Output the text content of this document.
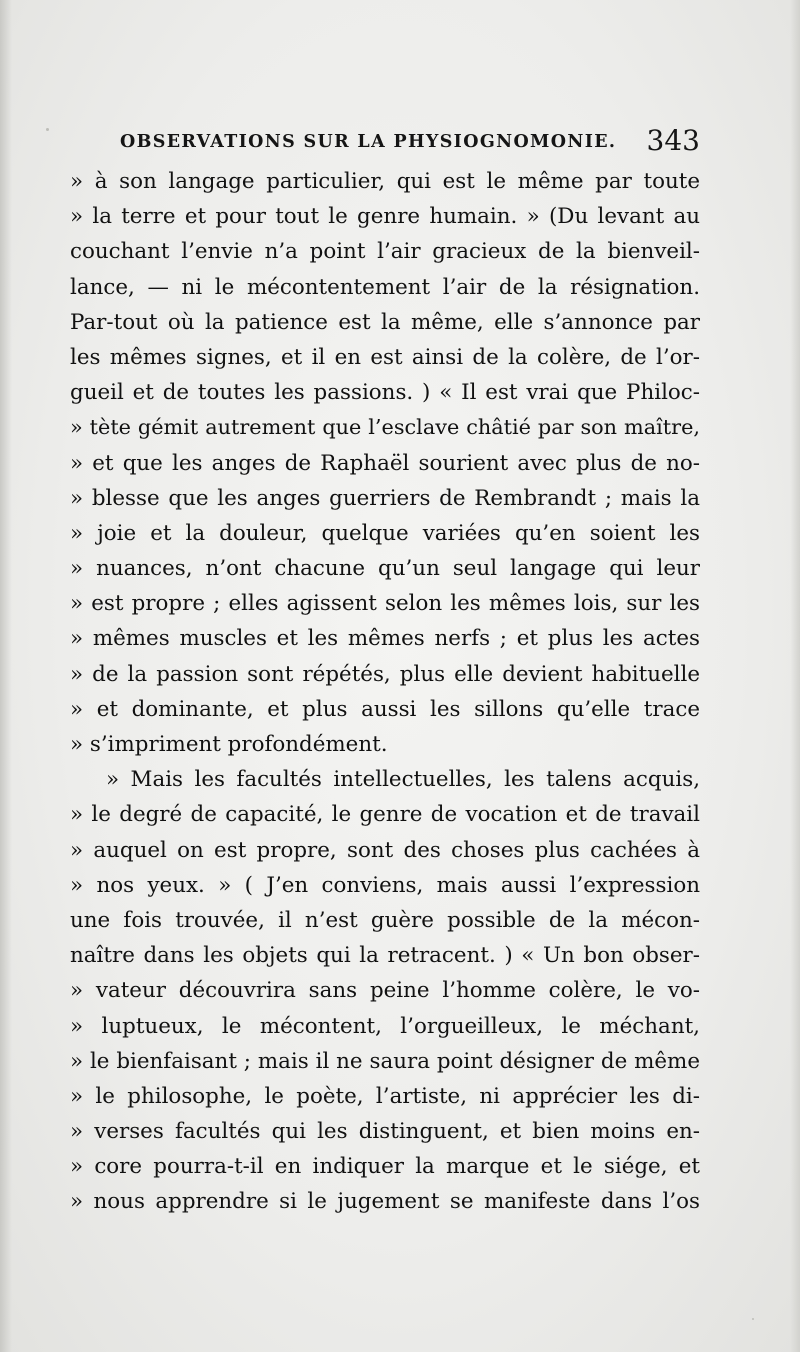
OBSERVATIONS SUR LA PHYSIOGNOMONIE. 343
» à son langage particulier, qui est le même par toute
» la terre et pour tout le genre humain. » (Du levant au
couchant l’envie n’a point l’air gracieux de la bienveil-
lance, — ni le mécontentement l’air de la résignation.
Par-tout où la patience est la même, elle s’annonce par
les mêmes signes, et il en est ainsi de la colère, de l’or-
gueil et de toutes les passions. ) « Il est vrai que Philoc-
» tète gémit autrement que l’esclave châtié par son maître,
» et que les anges de Raphaël sourient avec plus de no-
» blesse que les anges guerriers de Rembrandt ; mais la
» joie et la douleur, quelque variées qu’en soient les
» nuances, n’ont chacune qu’un seul langage qui leur
» est propre ; elles agissent selon les mêmes lois, sur les
» mêmes muscles et les mêmes nerfs ; et plus les actes
» de la passion sont répétés, plus elle devient habituelle
» et dominante, et plus aussi les sillons qu’elle trace
» s’impriment profondément.
» Mais les facultés intellectuelles, les talens acquis,
» le degré de capacité, le genre de vocation et de travail
» auquel on est propre, sont des choses plus cachées à
» nos yeux. » ( J’en conviens, mais aussi l’expression
une fois trouvée, il n’est guère possible de la mécon-
naître dans les objets qui la retracent. ) « Un bon obser-
» vateur découvrira sans peine l’homme colère, le vo-
» luptueux, le mécontent, l’orgueilleux, le méchant,
» le bienfaisant ; mais il ne saura point désigner de même
» le philosophe, le poète, l’artiste, ni apprécier les di-
» verses facultés qui les distinguent, et bien moins en-
» core pourra-t-il en indiquer la marque et le siége, et
» nous apprendre si le jugement se manifeste dans l’os
